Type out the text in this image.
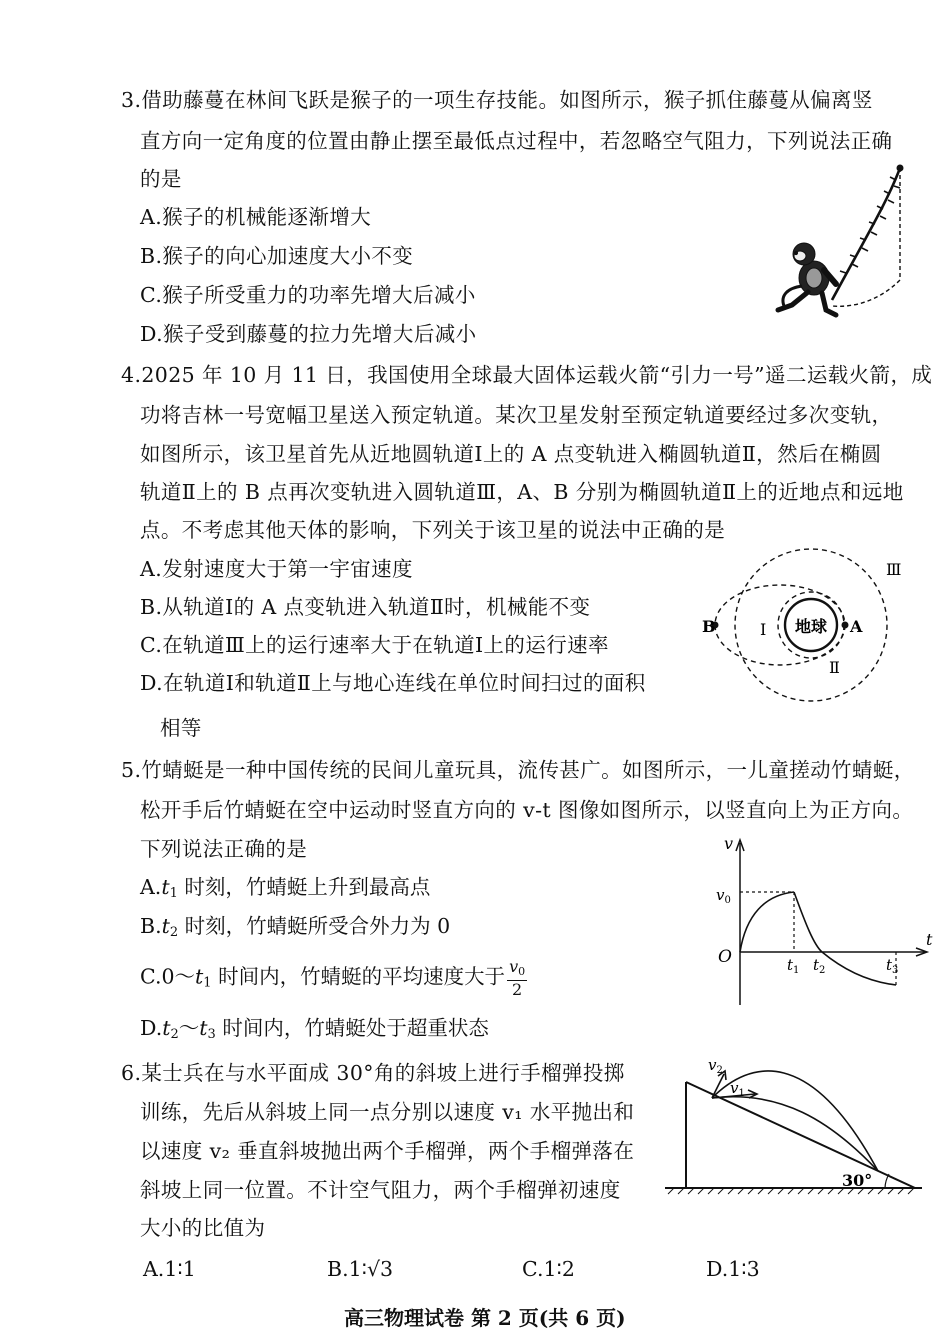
3.借助藤蔓在林间飞跃是猴子的一项生存技能。如图所示，猴子抓住藤蔓从偏离竖
直方向一定角度的位置由静止摆至最低点过程中，若忽略空气阻力，下列说法正确
的是
A.猴子的机械能逐渐增大
B.猴子的向心加速度大小不变
C.猴子所受重力的功率先增大后减小
D.猴子受到藤蔓的拉力先增大后减小
4.2025 年 10 月 11 日，我国使用全球最大固体运载火箭“引力一号”遥二运载火箭，成
功将吉林一号宽幅卫星送入预定轨道。某次卫星发射至预定轨道要经过多次变轨，
如图所示，该卫星首先从近地圆轨道Ⅰ上的 A 点变轨进入椭圆轨道Ⅱ，然后在椭圆
轨道Ⅱ上的 B 点再次变轨进入圆轨道Ⅲ，A、B 分别为椭圆轨道Ⅱ上的近地点和远地
点。不考虑其他天体的影响，下列关于该卫星的说法中正确的是
A.发射速度大于第一宇宙速度
B.从轨道Ⅰ的 A 点变轨进入轨道Ⅱ时，机械能不变
C.在轨道Ⅲ上的运行速率大于在轨道Ⅰ上的运行速率
D.在轨道Ⅰ和轨道Ⅱ上与地心连线在单位时间扫过的面积
相等
地球
B	A
Ⅰ
Ⅱ
Ⅲ
5.竹蜻蜓是一种中国传统的民间儿童玩具，流传甚广。如图所示，一儿童搓动竹蜻蜓，
松开手后竹蜻蜓在空中运动时竖直方向的 v-t 图像如图所示，以竖直向上为正方向。
下列说法正确的是
$A.t_1$ 时刻，竹蜻蜓上升到最高点
$B.t_2$ 时刻，竹蜻蜓所受合外力为 0
$C.0\sim t_1$ 时间内，竹蜻蜓的平均速度大于 $\frac{v_0}{2}$
$D.t_2\sim t_3$ 时间内，竹蜻蜓处于超重状态
v
t
O
$v_0$
$t_1$ $t_2$	$t_3$
6.某士兵在与水平面成 30°角的斜坡上进行手榴弹投掷
训练，先后从斜坡上同一点分别以速度 v₁ 水平抛出和
以速度 v₂ 垂直斜坡抛出两个手榴弹，两个手榴弹落在
斜坡上同一位置。不计空气阻力，两个手榴弹初速度
大小的比值为
A.1∶1	B.1∶√3	C.1∶2	D.1∶3
30°
$v_1$
$v_2$
高三物理试卷 第 2 页(共 6 页)
